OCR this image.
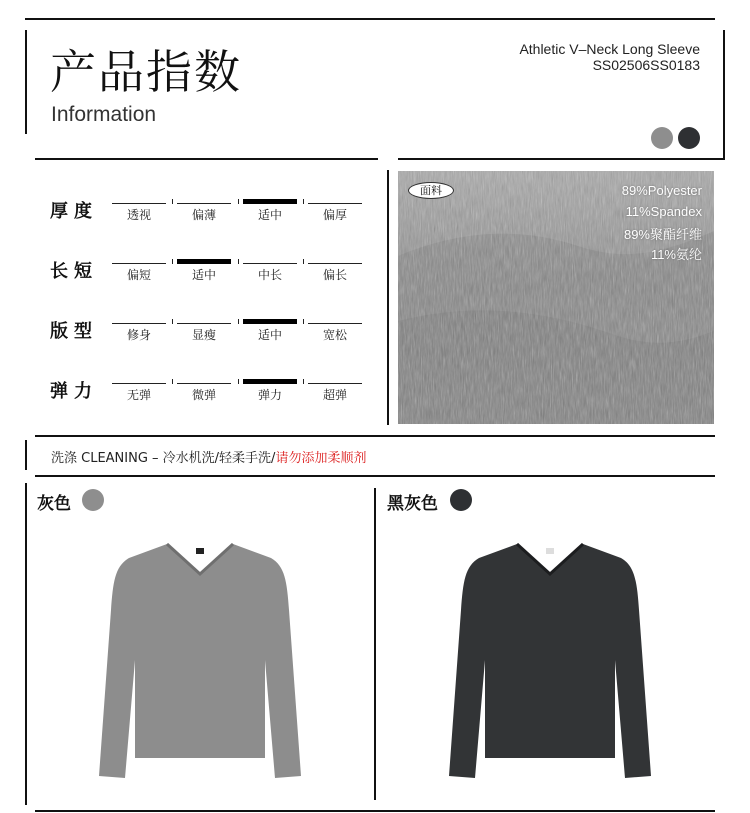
产品指数
Information
Athletic V–Neck Long Sleeve
SS02506SS0183
厚度	透视	偏薄	适中	偏厚
长短	偏短	适中	中长	偏长
版型	修身	显瘦	适中	宽松
弹力	无弹	微弹	弹力	超弹
面料	89%Polyester
11%Spandex
89%聚酯纤维
11%氨纶
洗涤 CLEANING – 冷水机洗/轻柔手洗/请勿添加柔顺剂
灰色	黑灰色
